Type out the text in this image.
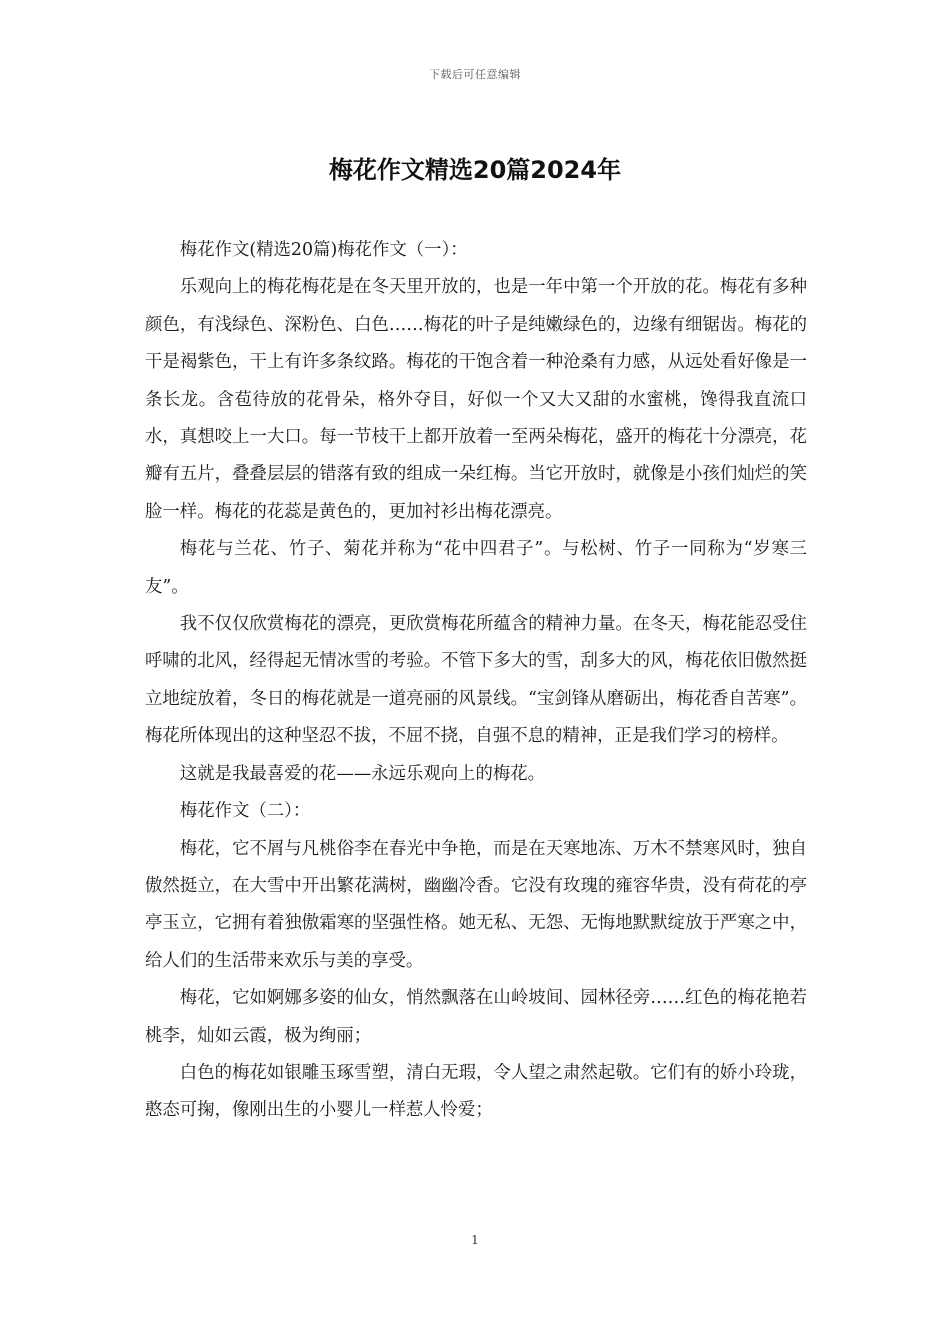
下载后可任意编辑
梅花作文精选20篇2024年

梅花作文(精选20篇)梅花作文（一）：

乐观向上的梅花梅花是在冬天里开放的，也是一年中第一个开放的花。梅花有多种颜色，有浅绿色、深粉色、白色……梅花的叶子是纯嫩绿色的，边缘有细锯齿。梅花的干是褐紫色，干上有许多条纹路。梅花的干饱含着一种沧桑有力感，从远处看好像是一条长龙。含苞待放的花骨朵，格外夺目，好似一个又大又甜的水蜜桃，馋得我直流口水，真想咬上一大口。每一节枝干上都开放着一至两朵梅花，盛开的梅花十分漂亮，花瓣有五片，叠叠层层的错落有致的组成一朵红梅。当它开放时，就像是小孩们灿烂的笑脸一样。梅花的花蕊是黄色的，更加衬衫出梅花漂亮。

梅花与兰花、竹子、菊花并称为“花中四君子”。与松树、竹子一同称为“岁寒三友”。

我不仅仅欣赏梅花的漂亮，更欣赏梅花所蕴含的精神力量。在冬天，梅花能忍受住呼啸的北风，经得起无情冰雪的考验。不管下多大的雪，刮多大的风，梅花依旧傲然挺立地绽放着，冬日的梅花就是一道亮丽的风景线。“宝剑锋从磨砺出，梅花香自苦寒”。梅花所体现出的这种坚忍不拔，不屈不挠，自强不息的精神，正是我们学习的榜样。

这就是我最喜爱的花——永远乐观向上的梅花。

梅花作文（二）：

梅花，它不屑与凡桃俗李在春光中争艳，而是在天寒地冻、万木不禁寒风时，独自傲然挺立，在大雪中开出繁花满树，幽幽冷香。它没有玫瑰的雍容华贵，没有荷花的亭亭玉立，它拥有着独傲霜寒的坚强性格。她无私、无怨、无悔地默默绽放于严寒之中，给人们的生活带来欢乐与美的享受。

梅花，它如婀娜多姿的仙女，悄然飘落在山岭坡间、园林径旁……红色的梅花艳若桃李，灿如云霞，极为绚丽；

白色的梅花如银雕玉琢雪塑，清白无瑕，令人望之肃然起敬。它们有的娇小玲珑，憨态可掬，像刚出生的小婴儿一样惹人怜爱；

1
